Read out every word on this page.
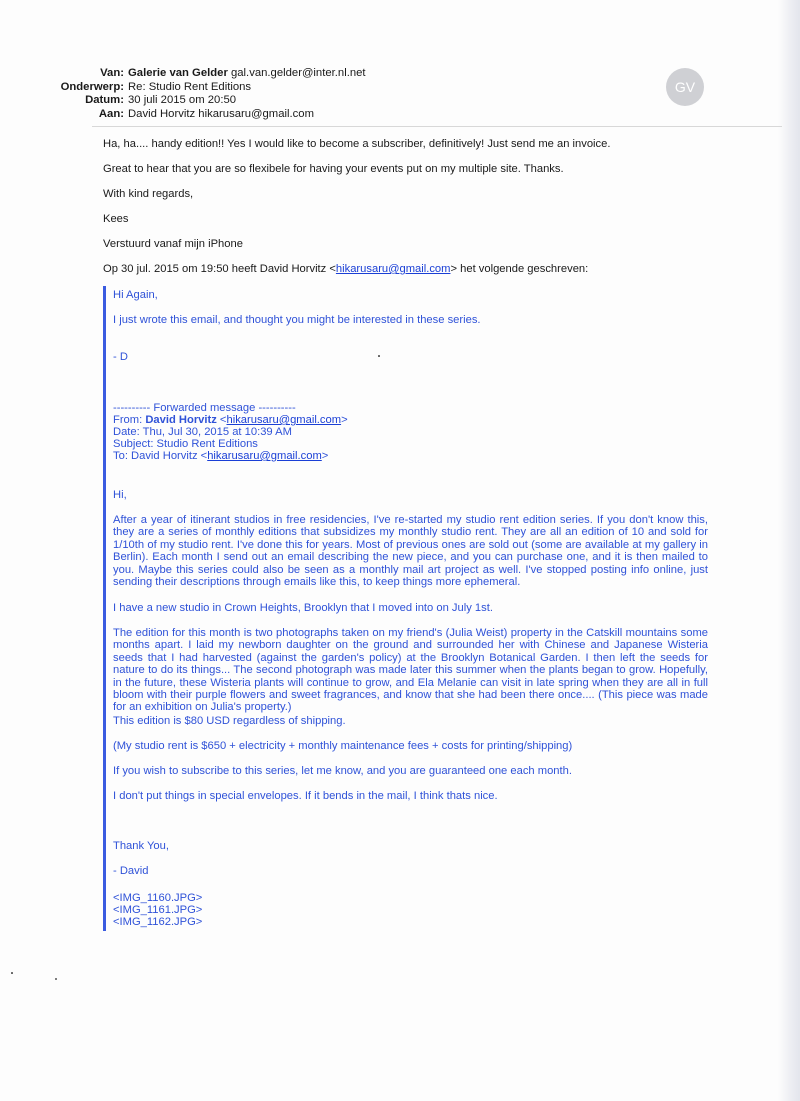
Van: Galerie van Gelder gal.van.gelder@inter.nl.net
Onderwerp: Re: Studio Rent Editions
Datum: 30 juli 2015 om 20:50
Aan: David Horvitz hikarusaru@gmail.com
GV

Ha, ha.... handy edition!! Yes I would like to become a subscriber, definitively! Just send me an invoice.

Great to hear that you are so flexibele for having your events put on my multiple site. Thanks.

With kind regards,

Kees

Verstuurd vanaf mijn iPhone

Op 30 jul. 2015 om 19:50 heeft David Horvitz <hikarusaru@gmail.com> het volgende geschreven:

Hi Again,

I just wrote this email, and thought you might be interested in these series.

- D

---------- Forwarded message ----------

From: David Horvitz <hikarusaru@gmail.com>

Date: Thu, Jul 30, 2015 at 10:39 AM

Subject: Studio Rent Editions

To: David Horvitz <hikarusaru@gmail.com>

Hi,

After a year of itinerant studios in free residencies, I've re-started my studio rent edition series. If you don't know this, they are a series of monthly editions that subsidizes my monthly studio rent. They are all an edition of 10 and sold for 1/10th of my studio rent. I've done this for years. Most of previous ones are sold out (some are available at my gallery in Berlin). Each month I send out an email describing the new piece, and you can purchase one, and it is then mailed to you. Maybe this series could also be seen as a monthly mail art project as well. I've stopped posting info online, just sending their descriptions through emails like this, to keep things more ephemeral.

I have a new studio in Crown Heights, Brooklyn that I moved into on July 1st.

The edition for this month is two photographs taken on my friend's (Julia Weist) property in the Catskill mountains some months apart. I laid my newborn daughter on the ground and surrounded her with Chinese and Japanese Wisteria seeds that I had harvested (against the garden's policy) at the Brooklyn Botanical Garden. I then left the seeds for nature to do its things... The second photograph was made later this summer when the plants began to grow. Hopefully, in the future, these Wisteria plants will continue to grow, and Ela Melanie can visit in late spring when they are all in full bloom with their purple flowers and sweet fragrances, and know that she had been there once.... (This piece was made for an exhibition on Julia's property.)

This edition is $80 USD regardless of shipping.

(My studio rent is $650 + electricity + monthly maintenance fees + costs for printing/shipping)

If you wish to subscribe to this series, let me know, and you are guaranteed one each month.

I don't put things in special envelopes. If it bends in the mail, I think thats nice.

Thank You,

- David

<IMG_1160.JPG>

<IMG_1161.JPG>

<IMG_1162.JPG>
